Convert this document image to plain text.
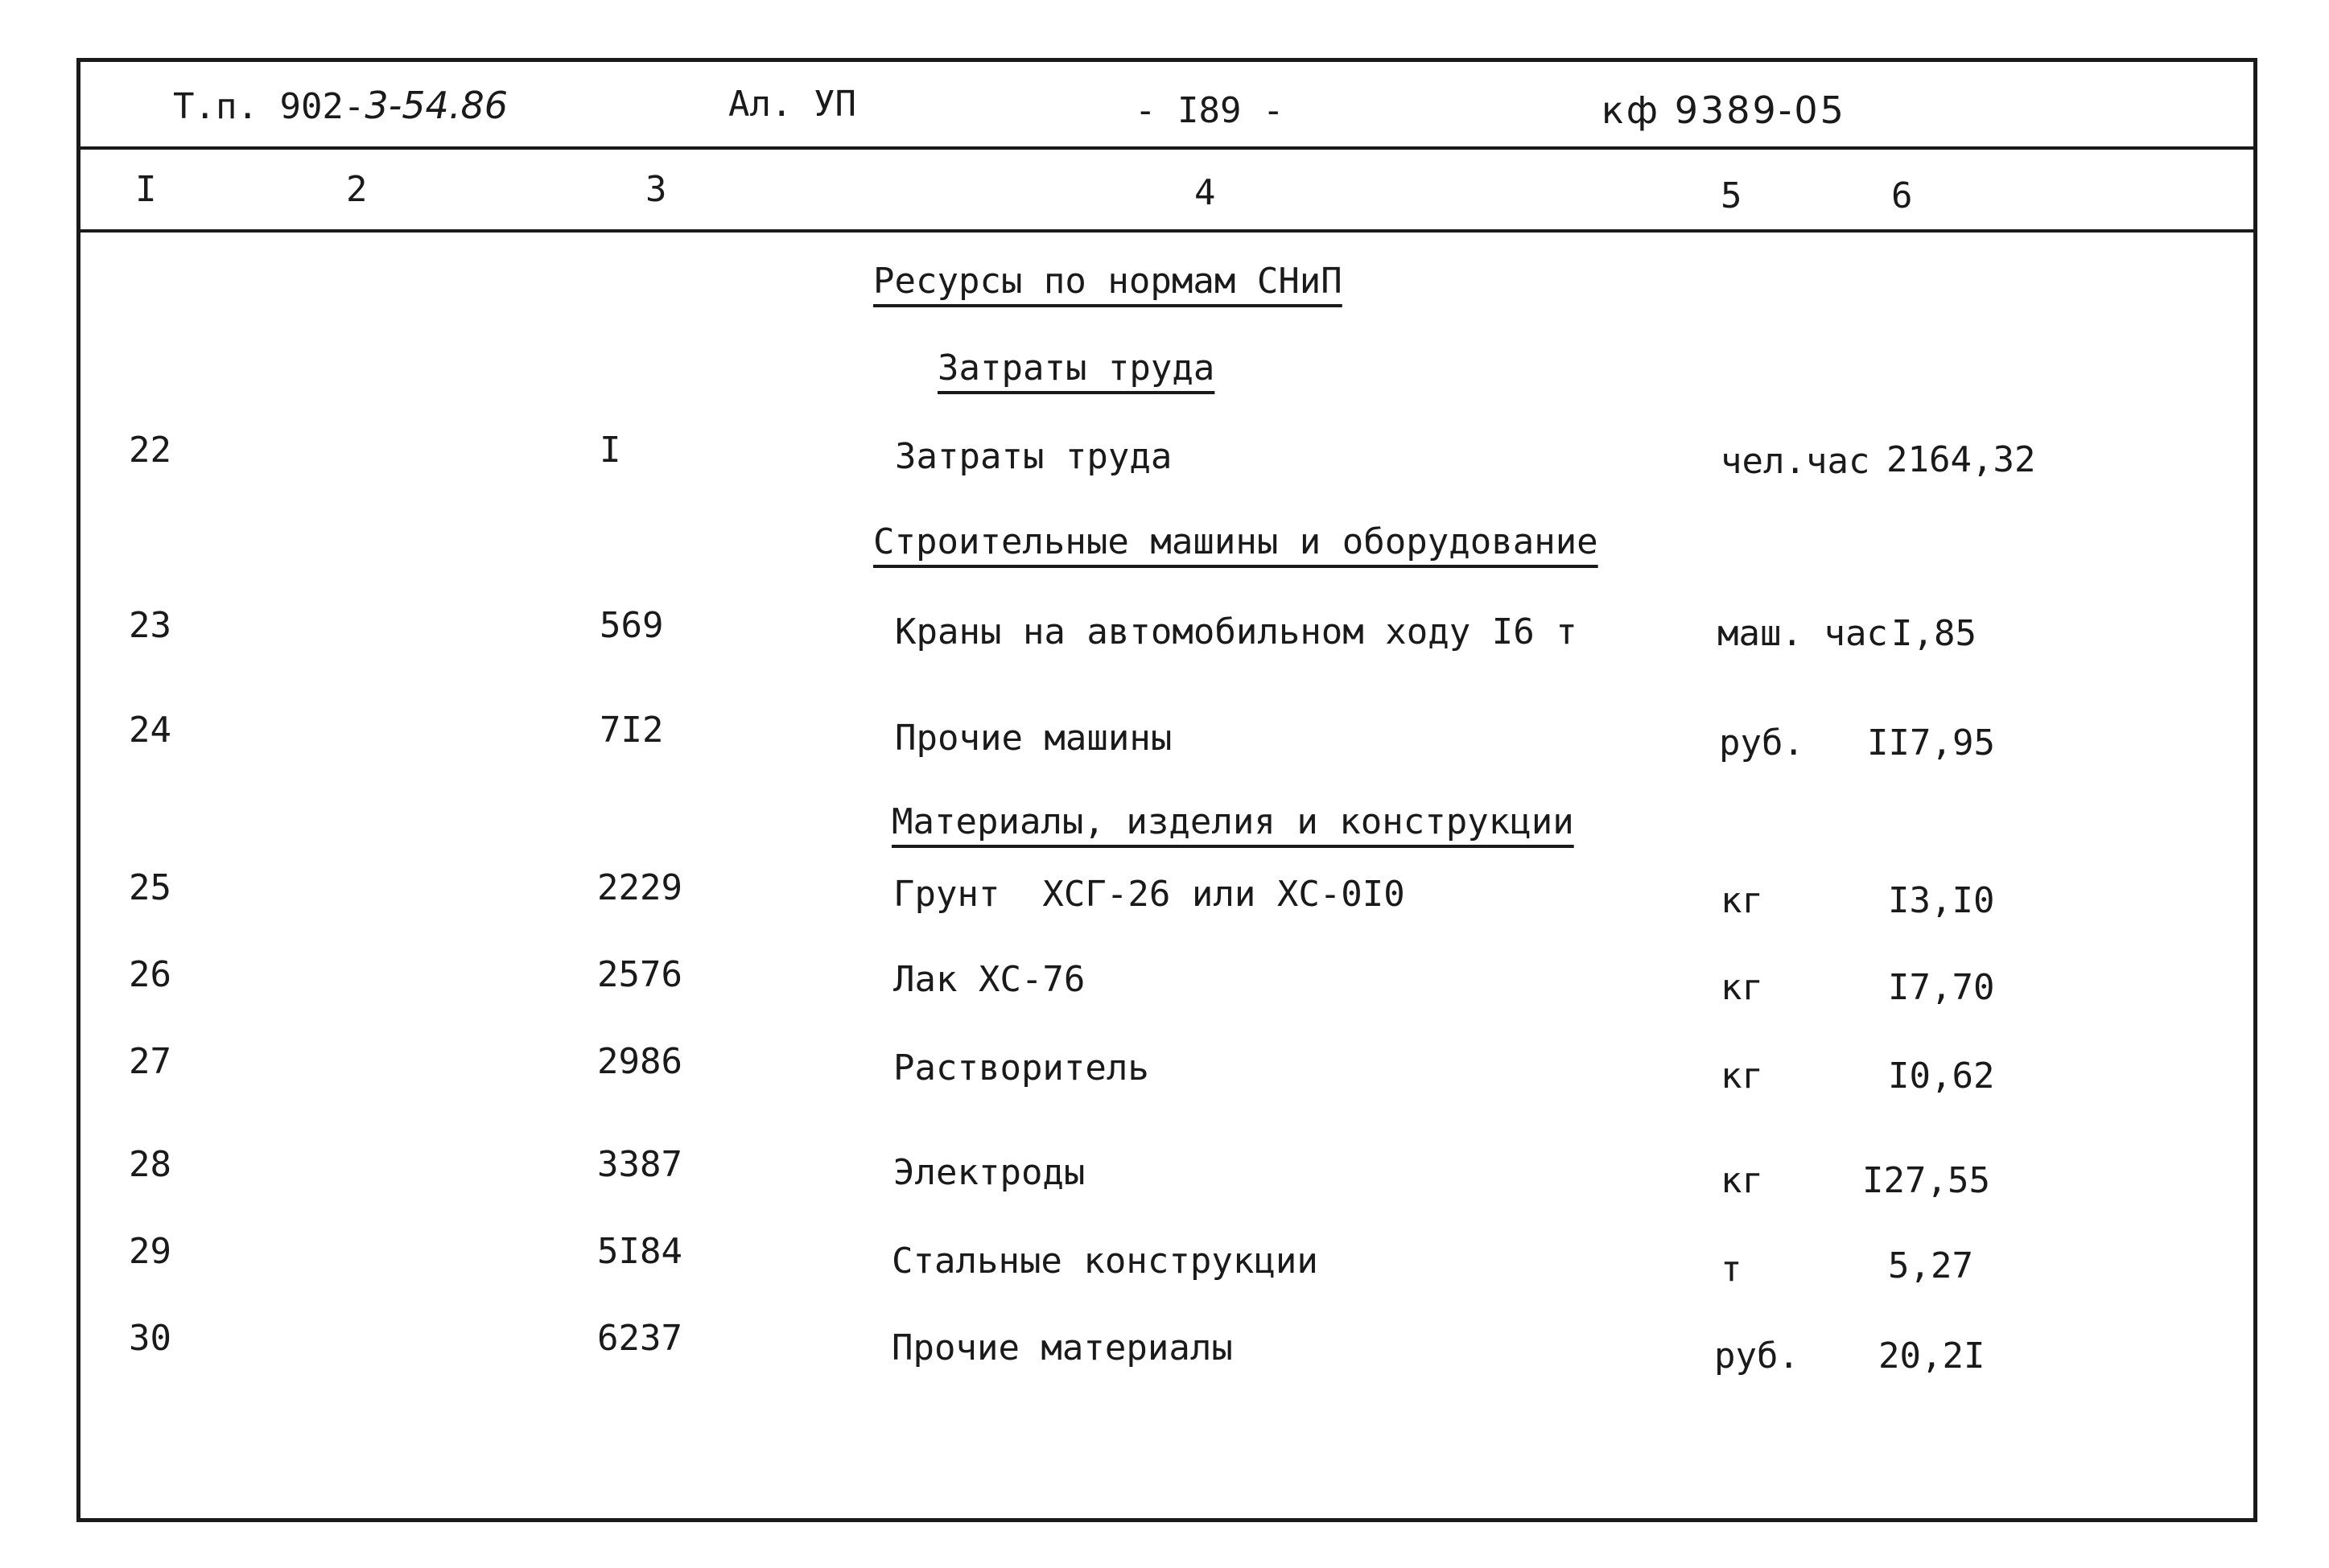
Т.п. 902-3-54.86	Ал. УП	- I89 -	кф 9389-05
I	2	3	4	5	6
Ресурсы по нормам СНиП
Затраты труда
Строительные машины и оборудование
Материалы, изделия и конструкции
22	I	Затраты труда	чел.час 2164,32
23	569	Краны на автомобильном ходу I6 т	маш. час I,85
24	7I2	Прочие машины	руб. II7,95
25	2229	Грунт  ХСГ-26 или ХС-0I0	кг	I3,I0
26	2576	Лак ХС-76	кг	I7,70
27	2986	Растворитель	кг	I0,62
28	3387	Электроды	кг	I27,55
29	5I84	Стальные конструкции	т	5,27
30	6237	Прочие материалы	руб. 20,2I
